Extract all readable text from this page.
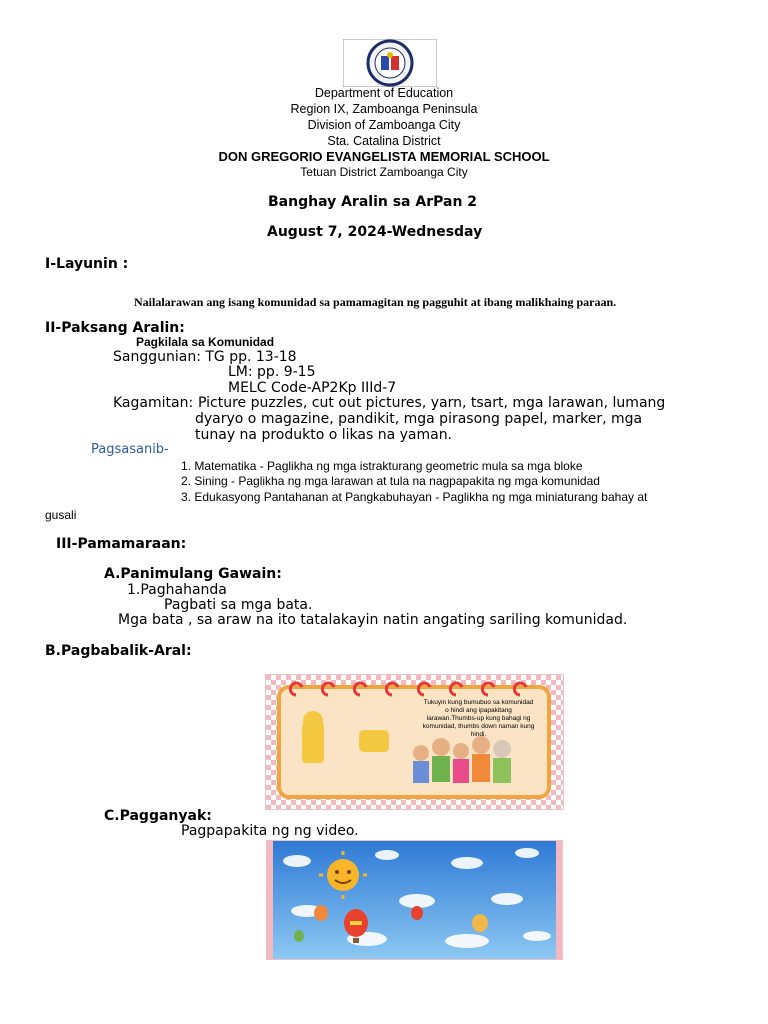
Department of Education
Region IX, Zamboanga Peninsula
Division of Zamboanga City
Sta. Catalina District
DON GREGORIO EVANGELISTA MEMORIAL SCHOOL
Tetuan District Zamboanga City
Banghay Aralin sa ArPan 2
August 7, 2024-Wednesday
I-Layunin :
Nailalarawan ang isang komunidad sa pamamagitan ng pagguhit at ibang malikhaing paraan.
II-Paksang Aralin:
Pagkilala sa Komunidad
Sanggunian: TG pp. 13-18
LM: pp. 9-15
MELC Code-AP2Kp IIId-7
Kagamitan: Picture puzzles, cut out pictures, yarn, tsart, mga larawan, lumang
dyaryo o magazine, pandikit, mga pirasong papel, marker, mga
tunay na produkto o likas na yaman.
Pagsasanib-
1. Matematika - Paglikha ng mga istrakturang geometric mula sa mga bloke
2. Sining - Paglikha ng mga larawan at tula na nagpapakita ng mga komunidad
3. Edukasyong Pantahanan at Pangkabuhayan - Paglikha ng mga miniaturang bahay at
gusali
III-Pamamaraan:
A.Panimulang Gawain:
1.Paghahanda
Pagbati sa mga bata.
Mga bata , sa araw na ito tatalakayin natin angating sariling komunidad.
B.Pagbabalik-Aral:
Tukuyin kung bumubuo sa komunidad o hindi ang ipapakitang larawan.Thumbs-up kung bahagi ng komunidad, thumbs down naman kung hindi.
C.Pagganyak:
Pagpapakita ng ng video.
